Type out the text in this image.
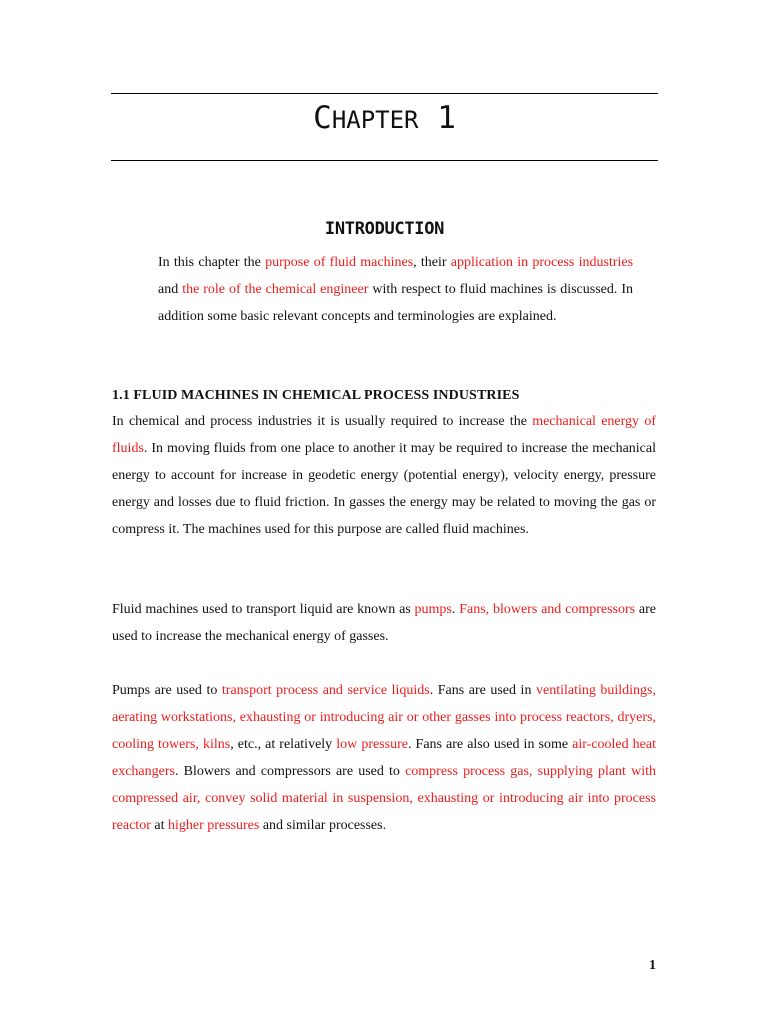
CHAPTER 1
INTRODUCTION

In this chapter the purpose of fluid machines, their application in process industries and the role of the chemical engineer with respect to fluid machines is discussed. In addition some basic relevant concepts and terminologies are explained.

1.1 FLUID MACHINES IN CHEMICAL PROCESS INDUSTRIES

In chemical and process industries it is usually required to increase the mechanical energy of fluids. In moving fluids from one place to another it may be required to increase the mechanical energy to account for increase in geodetic energy (potential energy), velocity energy, pressure energy and losses due to fluid friction. In gasses the energy may be related to moving the gas or compress it. The machines used for this purpose are called fluid machines.

Fluid machines used to transport liquid are known as pumps. Fans, blowers and compressors are used to increase the mechanical energy of gasses.

Pumps are used to transport process and service liquids. Fans are used in ventilating buildings, aerating workstations, exhausting or introducing air or other gasses into process reactors, dryers, cooling towers, kilns, etc., at relatively low pressure. Fans are also used in some air-cooled heat exchangers. Blowers and compressors are used to compress process gas, supplying plant with compressed air, convey solid material in suspension, exhausting or introducing air into process reactor at higher pressures and similar processes.

1
